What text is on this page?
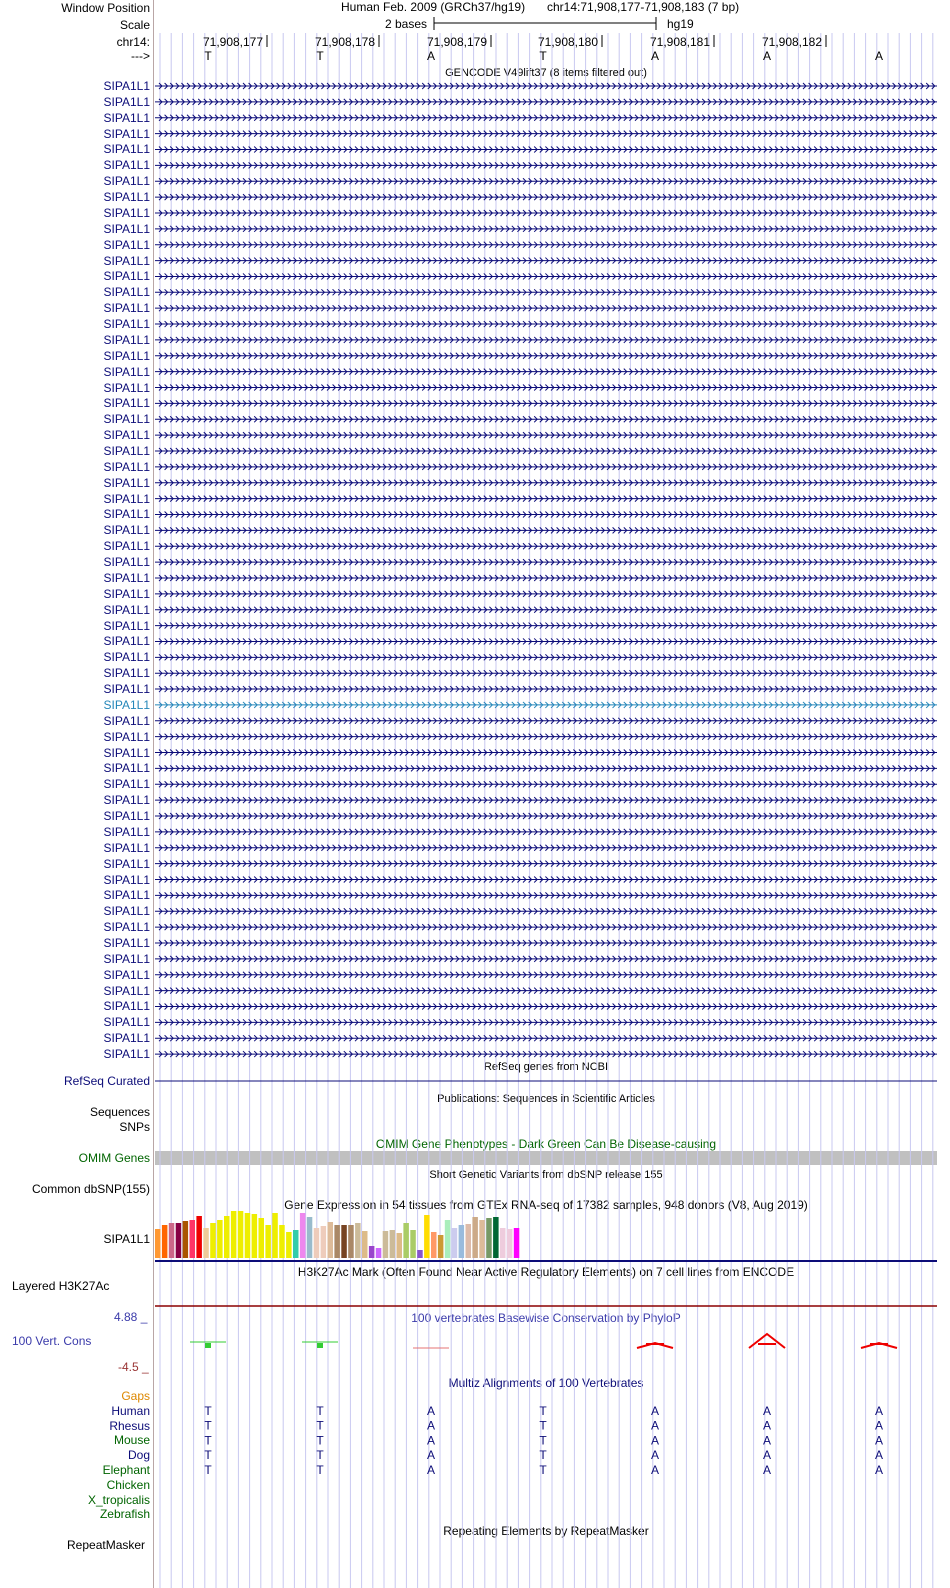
Window Position
Scale
chr14:
--->
Human Feb. 2009 (GRCh37/hg19) chr14:71,908,177-71,908,183 (7 bp)
2 bases	hg19
GENCODE V49lift37 (8 items filtered out)
SIPA1L1
SIPA1L1
SIPA1L1
SIPA1L1
SIPA1L1
SIPA1L1
SIPA1L1
SIPA1L1
SIPA1L1
SIPA1L1
SIPA1L1
SIPA1L1
SIPA1L1
SIPA1L1
SIPA1L1
SIPA1L1
SIPA1L1
SIPA1L1
SIPA1L1
SIPA1L1
SIPA1L1
SIPA1L1
SIPA1L1
SIPA1L1
SIPA1L1
SIPA1L1
SIPA1L1
SIPA1L1
SIPA1L1
SIPA1L1
SIPA1L1
SIPA1L1
SIPA1L1
SIPA1L1
SIPA1L1
SIPA1L1
SIPA1L1
SIPA1L1
SIPA1L1
SIPA1L1
SIPA1L1
SIPA1L1
SIPA1L1
SIPA1L1
SIPA1L1
SIPA1L1
SIPA1L1
SIPA1L1
SIPA1L1
SIPA1L1
SIPA1L1
SIPA1L1
SIPA1L1
SIPA1L1
SIPA1L1
SIPA1L1
SIPA1L1
SIPA1L1
SIPA1L1
SIPA1L1
SIPA1L1
SIPA1L1
RefSeq genes from NCBI
RefSeq Curated
Publications: Sequences in Scientific Articles
Sequences
SNPs
OMIM Gene Phenotypes - Dark Green Can Be Disease-causing
OMIM Genes
Short Genetic Variants from dbSNP release 155
Common dbSNP(155)
Gene Expression in 54 tissues from GTEx RNA-seq of 17382 samples, 948 donors (V8, Aug 2019)
SIPA1L1
H3K27Ac Mark (Often Found Near Active Regulatory Elements) on 7 cell lines from ENCODE
Layered H3K27Ac
100 vertebrates Basewise Conservation by PhyloP
4.88 _
100 Vert. Cons
-4.5 _
Multiz Alignments of 100 Vertebrates
Gaps
Human
Rhesus
Mouse
Dog
Elephant
Chicken
X_tropicalis
Zebrafish
Repeating Elements by RepeatMasker
RepeatMasker
71,908,177	71,908,178	71,908,179	71,908,180	71,908,181	71,908,182
T	T	A	T	A	A	A
T	T	A	T	A	A	A
T	T	A	T	A	A	A
T	T	A	T	A	A	A
T	T	A	T	A	A	A
T	T	A	T	A	A	A
